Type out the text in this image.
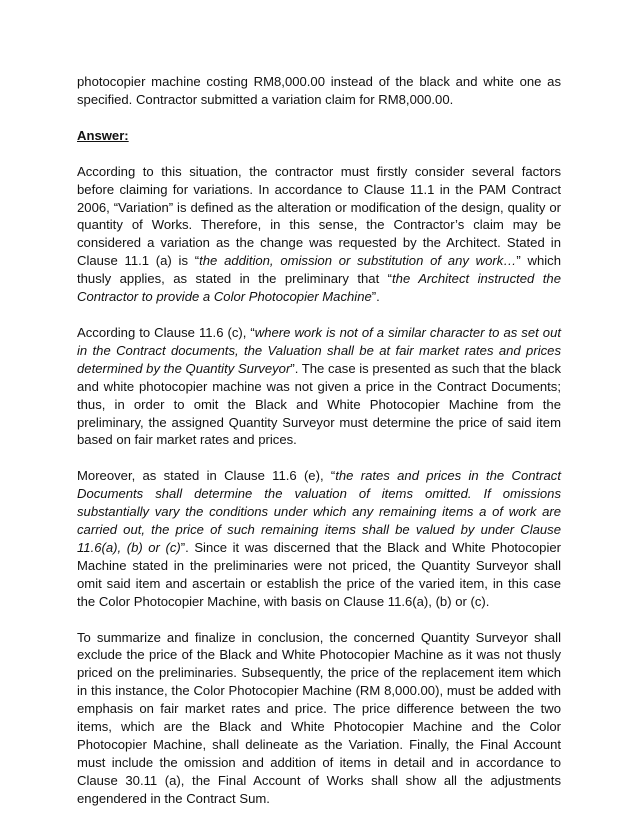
photocopier machine costing RM8,000.00 instead of the black and white one as specified. Contractor submitted a variation claim for RM8,000.00.

Answer:

According to this situation, the contractor must firstly consider several factors before claiming for variations. In accordance to Clause 11.1 in the PAM Contract 2006, “Variation” is defined as the alteration or modification of the design, quality or quantity of Works. Therefore, in this sense, the Contractor’s claim may be considered a variation as the change was requested by the Architect. Stated in Clause 11.1 (a) is “the addition, omission or substitution of any work…” which thusly applies, as stated in the preliminary that “the Architect instructed the Contractor to provide a Color Photocopier Machine”.

According to Clause 11.6 (c), “where work is not of a similar character to as set out in the Contract documents, the Valuation shall be at fair market rates and prices determined by the Quantity Surveyor”. The case is presented as such that the black and white photocopier machine was not given a price in the Contract Documents; thus, in order to omit the Black and White Photocopier Machine from the preliminary, the assigned Quantity Surveyor must determine the price of said item based on fair market rates and prices.

Moreover, as stated in Clause 11.6 (e), “the rates and prices in the Contract Documents shall determine the valuation of items omitted. If omissions substantially vary the conditions under which any remaining items a of work are carried out, the price of such remaining items shall be valued by under Clause 11.6(a), (b) or (c)”. Since it was discerned that the Black and White Photocopier Machine stated in the preliminaries were not priced, the Quantity Surveyor shall omit said item and ascertain or establish the price of the varied item, in this case the Color Photocopier Machine, with basis on Clause 11.6(a), (b) or (c).

To summarize and finalize in conclusion, the concerned Quantity Surveyor shall exclude the price of the Black and White Photocopier Machine as it was not thusly priced on the preliminaries. Subsequently, the price of the replacement item which in this instance, the Color Photocopier Machine (RM 8,000.00), must be added with emphasis on fair market rates and price. The price difference between the two items, which are the Black and White Photocopier Machine and the Color Photocopier Machine, shall delineate as the Variation. Finally, the Final Account must include the omission and addition of items in detail and in accordance to Clause 30.11 (a), the Final Account of Works shall show all the adjustments engendered in the Contract Sum.
